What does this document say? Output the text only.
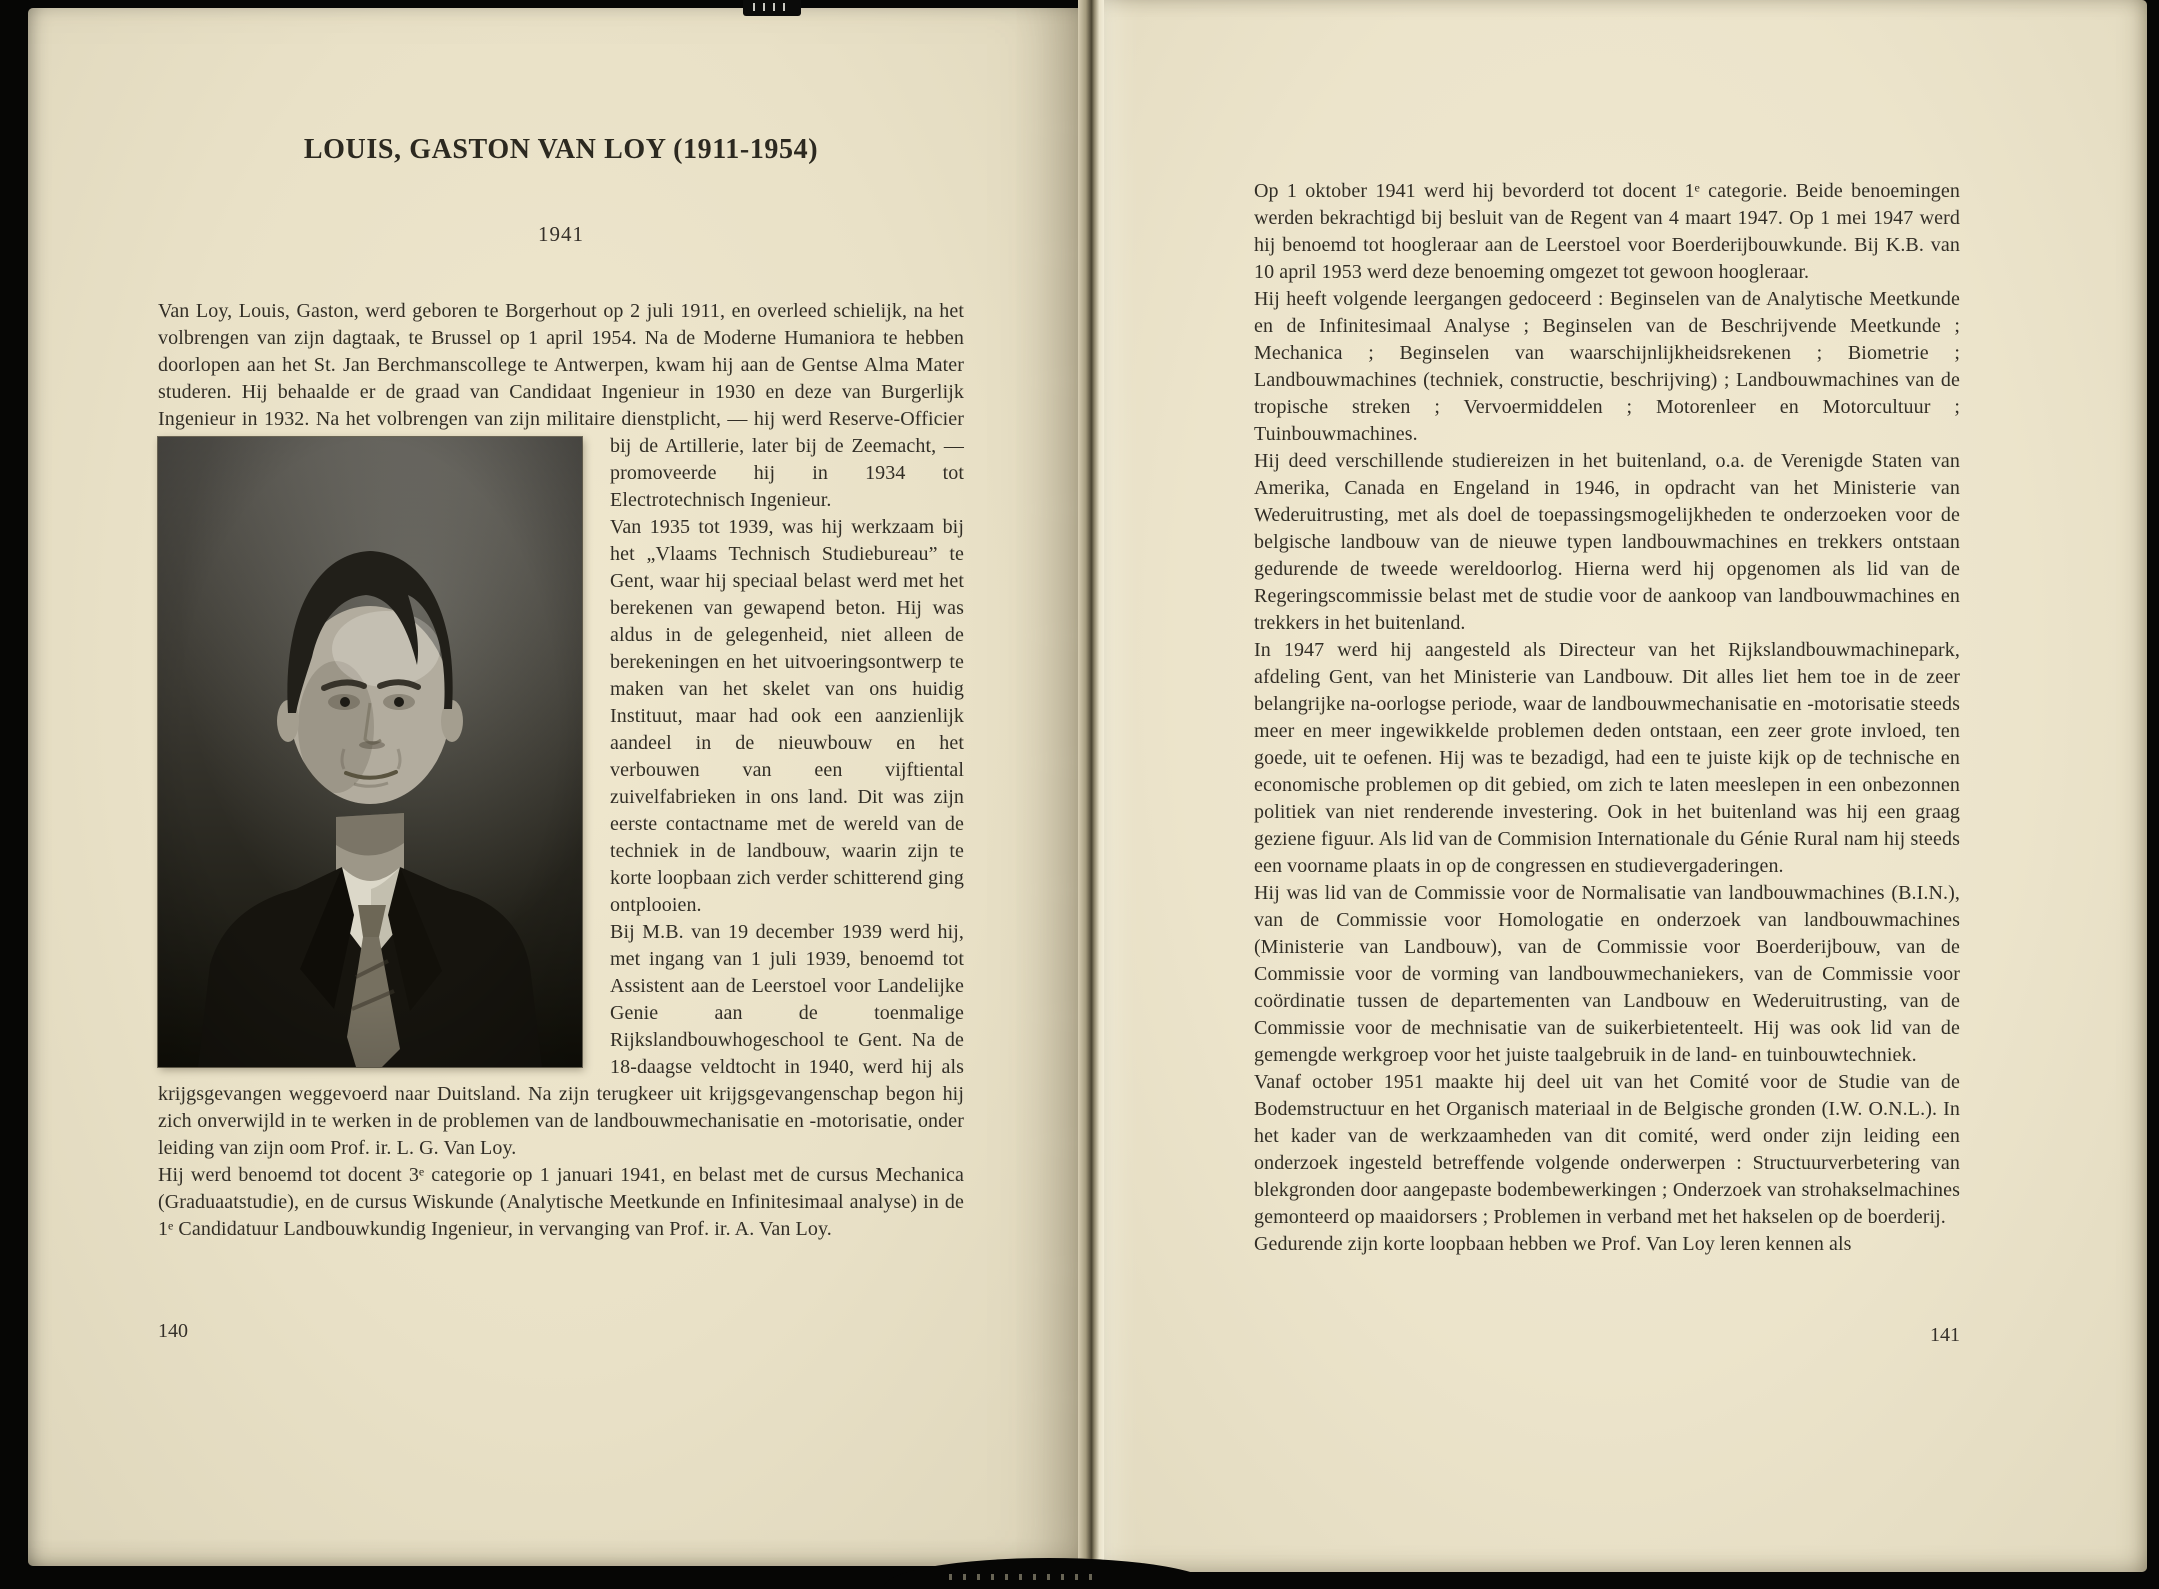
LOUIS, GASTON VAN LOY (1911-1954)
1941

Van Loy, Louis, Gaston, werd geboren te Borgerhout op 2 juli 1911, en overleed schielijk, na het volbrengen van zijn dagtaak, te Brussel op 1 april 1954. Na de Moderne Humaniora te hebben doorlopen aan het St. Jan Berchmanscollege te Antwerpen, kwam hij aan de Gentse Alma Mater studeren. Hij behaalde er de graad van Candidaat Ingenieur in 1930 en deze van Burgerlijk Ingenieur in 1932. Na het volbrengen van zijn militaire dienstplicht, — hij werd Reserve-Officier bij de Artillerie, later bij de Zeemacht, — promoveerde hij in 1934 tot Electrotechnisch Ingenieur.

Van 1935 tot 1939, was hij werkzaam bij het „Vlaams Technisch Studiebureau” te Gent, waar hij speciaal belast werd met het berekenen van gewapend beton. Hij was aldus in de gelegenheid, niet alleen de berekeningen en het uitvoeringsontwerp te maken van het skelet van ons huidig Instituut, maar had ook een aanzienlijk aandeel in de nieuwbouw en het verbouwen van een vijftiental zuivelfabrieken in ons land. Dit was zijn eerste contactname met de wereld van de techniek in de landbouw, waarin zijn te korte loopbaan zich verder schitterend ging ontplooien.

Bij M.B. van 19 december 1939 werd hij, met ingang van 1 juli 1939, benoemd tot Assistent aan de Leerstoel voor Landelijke Genie aan de toenmalige Rijkslandbouwhogeschool te Gent. Na de 18-daagse veldtocht in 1940, werd hij als krijgsgevangen weggevoerd naar Duitsland. Na zijn terugkeer uit krijgsgevangenschap begon hij zich onverwijld in te werken in de problemen van de landbouwmechanisatie en -motorisatie, onder leiding van zijn oom Prof. ir. L. G. Van Loy.

Hij werd benoemd tot docent 3ᵉ categorie op 1 januari 1941, en belast met de cursus Mechanica (Graduaatstudie), en de cursus Wiskunde (Analytische Meetkunde en Infinitesimaal analyse) in de 1ᵉ Candidatuur Landbouwkundig Ingenieur, in vervanging van Prof. ir. A. Van Loy.

140

Op 1 oktober 1941 werd hij bevorderd tot docent 1ᵉ categorie. Beide benoemingen werden bekrachtigd bij besluit van de Regent van 4 maart 1947. Op 1 mei 1947 werd hij benoemd tot hoogleraar aan de Leerstoel voor Boerderijbouwkunde. Bij K.B. van 10 april 1953 werd deze benoeming omgezet tot gewoon hoogleraar.

Hij heeft volgende leergangen gedoceerd : Beginselen van de Analytische Meetkunde en de Infinitesimaal Analyse ; Beginselen van de Beschrijvende Meetkunde ; Mechanica ; Beginselen van waarschijnlijkheidsrekenen ; Biometrie ; Landbouwmachines (techniek, constructie, beschrijving) ; Landbouwmachines van de tropische streken ; Vervoermiddelen ; Motorenleer en Motorcultuur ; Tuinbouwmachines.

Hij deed verschillende studiereizen in het buitenland, o.a. de Verenigde Staten van Amerika, Canada en Engeland in 1946, in opdracht van het Ministerie van Wederuitrusting, met als doel de toepassingsmogelijkheden te onderzoeken voor de belgische landbouw van de nieuwe typen landbouwmachines en trekkers ontstaan gedurende de tweede wereldoorlog. Hierna werd hij opgenomen als lid van de Regeringscommissie belast met de studie voor de aankoop van landbouwmachines en trekkers in het buitenland.

In 1947 werd hij aangesteld als Directeur van het Rijkslandbouwmachinepark, afdeling Gent, van het Ministerie van Landbouw. Dit alles liet hem toe in de zeer belangrijke na-oorlogse periode, waar de landbouwmechanisatie en -motorisatie steeds meer en meer ingewikkelde problemen deden ontstaan, een zeer grote invloed, ten goede, uit te oefenen. Hij was te bezadigd, had een te juiste kijk op de technische en economische problemen op dit gebied, om zich te laten meeslepen in een onbezonnen politiek van niet renderende investering. Ook in het buitenland was hij een graag geziene figuur. Als lid van de Commision Internationale du Génie Rural nam hij steeds een voorname plaats in op de congressen en studievergaderingen.

Hij was lid van de Commissie voor de Normalisatie van landbouwmachines (B.I.N.), van de Commissie voor Homologatie en onderzoek van landbouwmachines (Ministerie van Landbouw), van de Commissie voor Boerderijbouw, van de Commissie voor de vorming van landbouwmechaniekers, van de Commissie voor coördinatie tussen de departementen van Landbouw en Wederuitrusting, van de Commissie voor de mechnisatie van de suikerbietenteelt. Hij was ook lid van de gemengde werkgroep voor het juiste taalgebruik in de land- en tuinbouwtechniek.

Vanaf october 1951 maakte hij deel uit van het Comité voor de Studie van de Bodemstructuur en het Organisch materiaal in de Belgische gronden (I.W. O.N.L.). In het kader van de werkzaamheden van dit comité, werd onder zijn leiding een onderzoek ingesteld betreffende volgende onderwerpen : Structuurverbetering van blekgronden door aangepaste bodembewerkingen ; Onderzoek van strohakselmachines gemonteerd op maaidorsers ; Problemen in verband met het hakselen op de boerderij.

Gedurende zijn korte loopbaan hebben we Prof. Van Loy leren kennen als

141
